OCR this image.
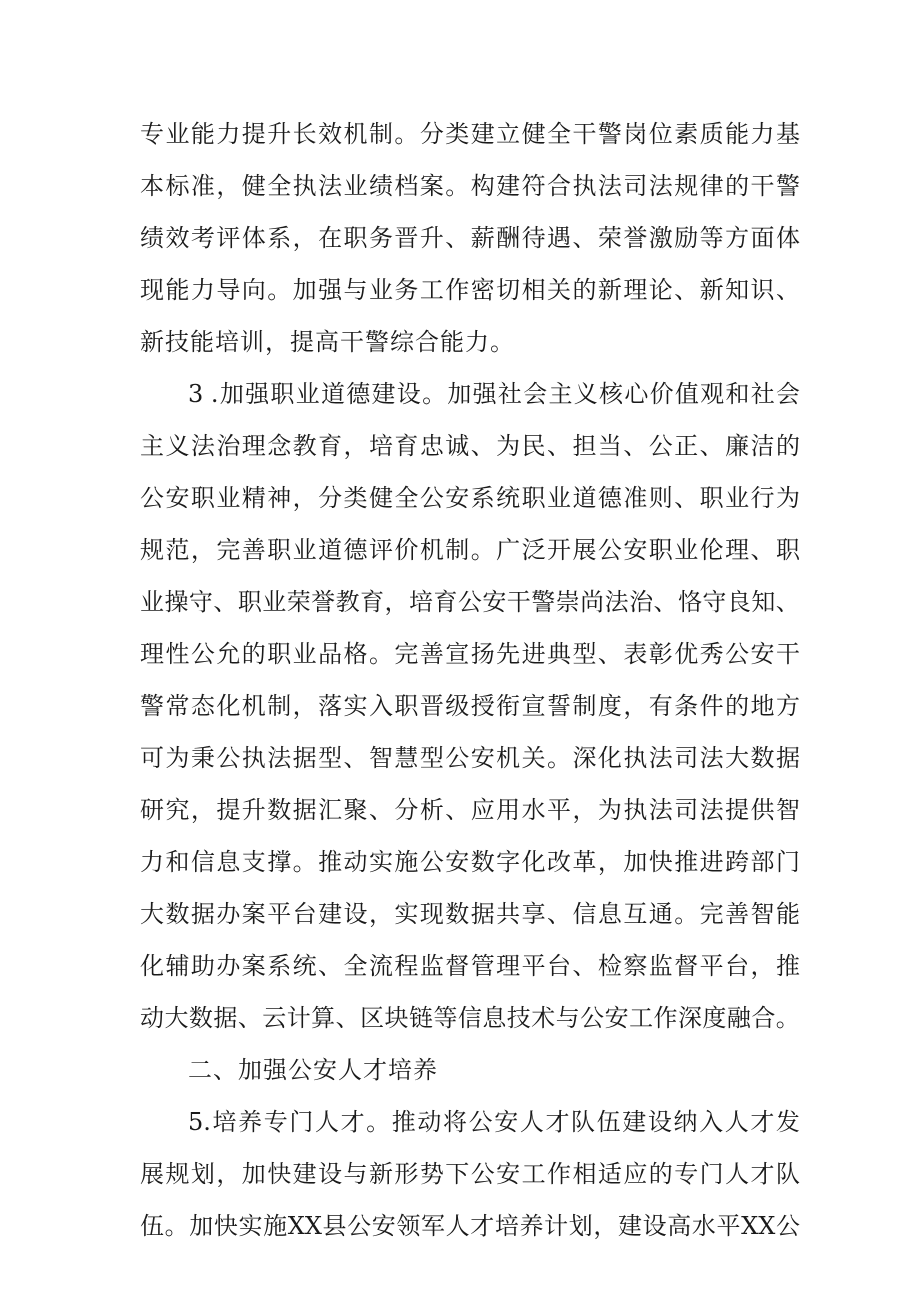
专 业 能 力 提 升 长 效 机 制 。 分 类 建 立 健 全 干 警 岗 位 素 质 能 力 基
本 标 准 ， 健 全 执 法 业 绩 档 案 。 构 建 符 合 执 法 司 法 规 律 的 干 警
绩 效 考 评 体 系 ， 在 职 务 晋 升 、 薪 酬 待 遇 、 荣 誉 激 励 等 方 面 体
现 能 力 导 向 。 加 强 与 业 务 工 作 密 切 相 关 的 新 理 论 、 新 知 识 、
新技能培训，提高干警综合能力。
3 . 加 强 职 业 道 德 建 设 。 加 强 社 会 主 义 核 心 价 值 观 和 社 会
主 义 法 治 理 念 教 育 ， 培 育 忠 诚 、 为 民 、 担 当 、 公 正 、 廉 洁 的
公 安 职 业 精 神 ， 分 类 健 全 公 安 系 统 职 业 道 德 准 则 、 职 业 行 为
规 范 ， 完 善 职 业 道 德 评 价 机 制 。 广 泛 开 展 公 安 职 业 伦 理 、 职
业 操 守 、 职 业 荣 誉 教 育 ， 培 育 公 安 干 警 崇 尚 法 治 、 恪 守 良 知 、
理 性 公 允 的 职 业 品 格 。 完 善 宣 扬 先 进 典 型 、 表 彰 优 秀 公 安 干
警 常 态 化 机 制 ， 落 实 入 职 晋 级 授 衔 宣 誓 制 度 ， 有 条 件 的 地 方
可 为 秉 公 执 法 据 型 、 智 慧 型 公 安 机 关 。 深 化 执 法 司 法 大 数 据
研 究 ， 提 升 数 据 汇 聚 、 分 析 、 应 用 水 平 ， 为 执 法 司 法 提 供 智
力 和 信 息 支 撑 。 推 动 实 施 公 安 数 字 化 改 革 ， 加 快 推 进 跨 部 门
大 数 据 办 案 平 台 建 设 ， 实 现 数 据 共 享 、 信 息 互 通 。 完 善 智 能
化 辅 助 办 案 系 统 、 全 流 程 监 督 管 理 平 台 、 检 察 监 督 平 台 ， 推
动 大 数 据 、 云 计 算 、 区 块 链 等 信 息 技 术 与 公 安 工 作 深 度 融 合 。
二、加强公安人才培养
5. 培 养 专 门 人 才 。 推 动 将 公 安 人 才 队 伍 建 设 纳 入 人 才 发
展 规 划 ， 加 快 建 设 与 新 形 势 下 公 安 工 作 相 适 应 的 专 门 人 才 队
伍 。 加 快 实 施 XX 县 公 安 领 军 人 才 培 养 计 划 ， 建 设 高 水 平 XX 公
